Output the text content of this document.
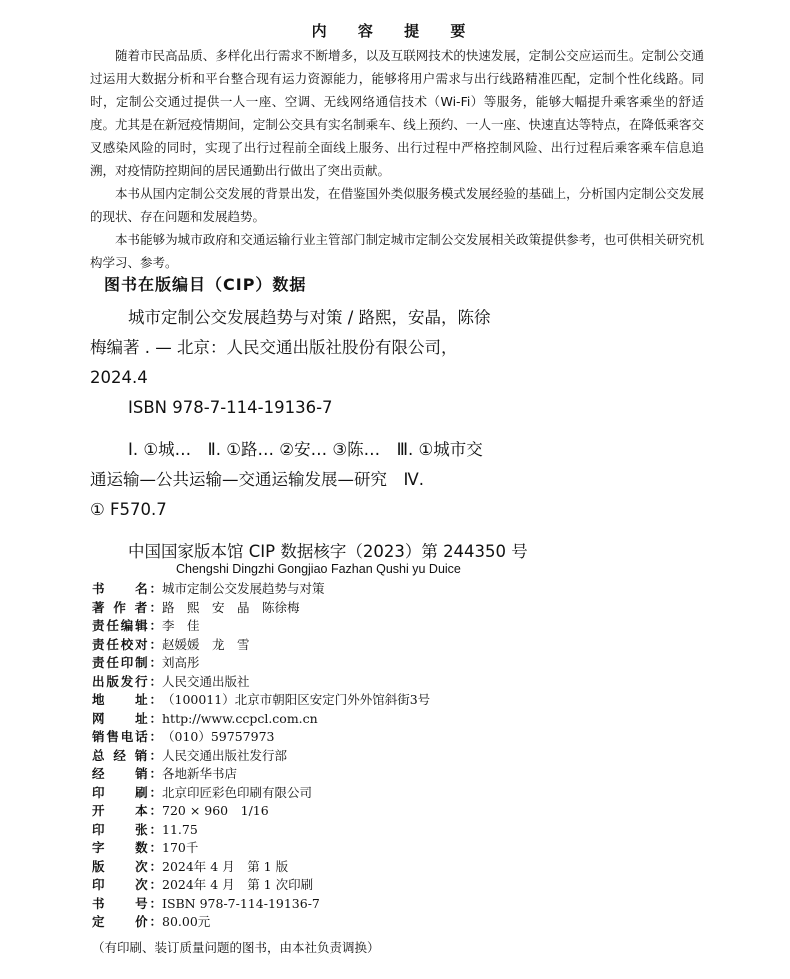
内 容 提 要

随着市民高品质、多样化出行需求不断增多，以及互联网技术的快速发展，定制公交应运而生。定制公交通过运用大数据分析和平台整合现有运力资源能力，能够将用户需求与出行线路精准匹配，定制个性化线路。同时，定制公交通过提供一人一座、空调、无线网络通信技术（Wi-Fi）等服务，能够大幅提升乘客乘坐的舒适度。尤其是在新冠疫情期间，定制公交具有实名制乘车、线上预约、一人一座、快速直达等特点，在降低乘客交叉感染风险的同时，实现了出行过程前全面线上服务、出行过程中严格控制风险、出行过程后乘客乘车信息追溯，对疫情防控期间的居民通勤出行做出了突出贡献。

本书从国内定制公交发展的背景出发，在借鉴国外类似服务模式发展经验的基础上，分析国内定制公交发展的现状、存在问题和发展趋势。

本书能够为城市政府和交通运输行业主管部门制定城市定制公交发展相关政策提供参考，也可供相关研究机构学习、参考。

图书在版编目（CIP）数据
城市定制公交发展趋势与对策 / 路熙，安晶，陈徐
梅编著 . — 北京：人民交通出版社股份有限公司，
2024.4
ISBN 978-7-114-19136-7
Ⅰ. ①城…　Ⅱ. ①路… ②安… ③陈…　Ⅲ. ①城市交
通运输—公共运输—交通运输发展—研究　Ⅳ.
① F570.7
中国国家版本馆 CIP 数据核字（2023）第 244350 号
Chengshi Dingzhi Gongjiao Fazhan Qushi yu Duice
书　　名： 城市定制公交发展趋势与对策
著 作 者： 路　熙　安　晶　陈徐梅
责任编辑： 李　佳
责任校对： 赵媛媛　龙　雪
责任印制： 刘高彤
出版发行： 人民交通出版社
地　　址： （100011）北京市朝阳区安定门外外馆斜街3号
网　　址： http://www.ccpcl.com.cn
销售电话： （010）59757973
总 经 销： 人民交通出版社发行部
经　　销： 各地新华书店
印　　刷： 北京印匠彩色印刷有限公司
开　　本： 720 × 960　1/16
印　　张： 11.75
字　　数： 170千
版　　次： 2024年 4 月　第 1 版
印　　次： 2024年 4 月　第 1 次印刷
书　　号： ISBN 978-7-114-19136-7
定　　价： 80.00元
（有印刷、装订质量问题的图书，由本社负责调换）
